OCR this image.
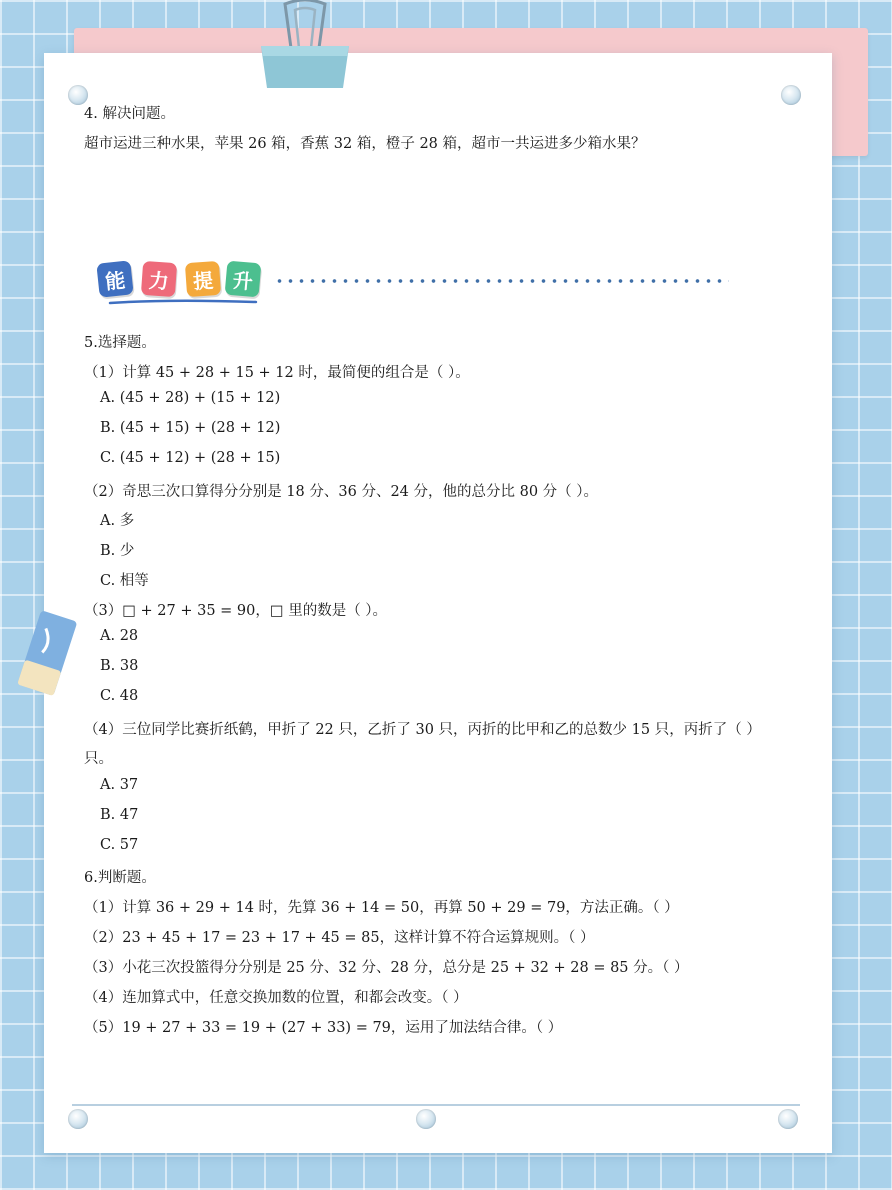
能	力	提 升
4. 解决问题。
超市运进三种水果，苹果 26 箱，香蕉 32 箱，橙子 28 箱，超市一共运进多少箱水果？
5.选择题。
（1）计算 45 + 28 + 15 + 12 时，最简便的组合是（ ）。
A. (45 + 28) + (15 + 12)
B. (45 + 15) + (28 + 12)
C. (45 + 12) + (28 + 15)
（2）奇思三次口算得分分别是 18 分、36 分、24 分，他的总分比 80 分（ ）。
A. 多
B. 少
C. 相等
（3）□ + 27 + 35 = 90，□ 里的数是（ ）。
A. 28
B. 38
C. 48
（4）三位同学比赛折纸鹤，甲折了 22 只，乙折了 30 只，丙折的比甲和乙的总数少 15 只，丙折了（ ）
只。
A. 37
B. 47
C. 57
6.判断题。
（1）计算 36 + 29 + 14 时，先算 36 + 14 = 50，再算 50 + 29 = 79，方法正确。（ ）
（2）23 + 45 + 17 = 23 + 17 + 45 = 85，这样计算不符合运算规则。（ ）
（3）小花三次投篮得分分别是 25 分、32 分、28 分，总分是 25 + 32 + 28 = 85 分。（ ）
（4）连加算式中，任意交换加数的位置，和都会改变。（ ）
（5）19 + 27 + 33 = 19 + (27 + 33) = 79，运用了加法结合律。（ ）
